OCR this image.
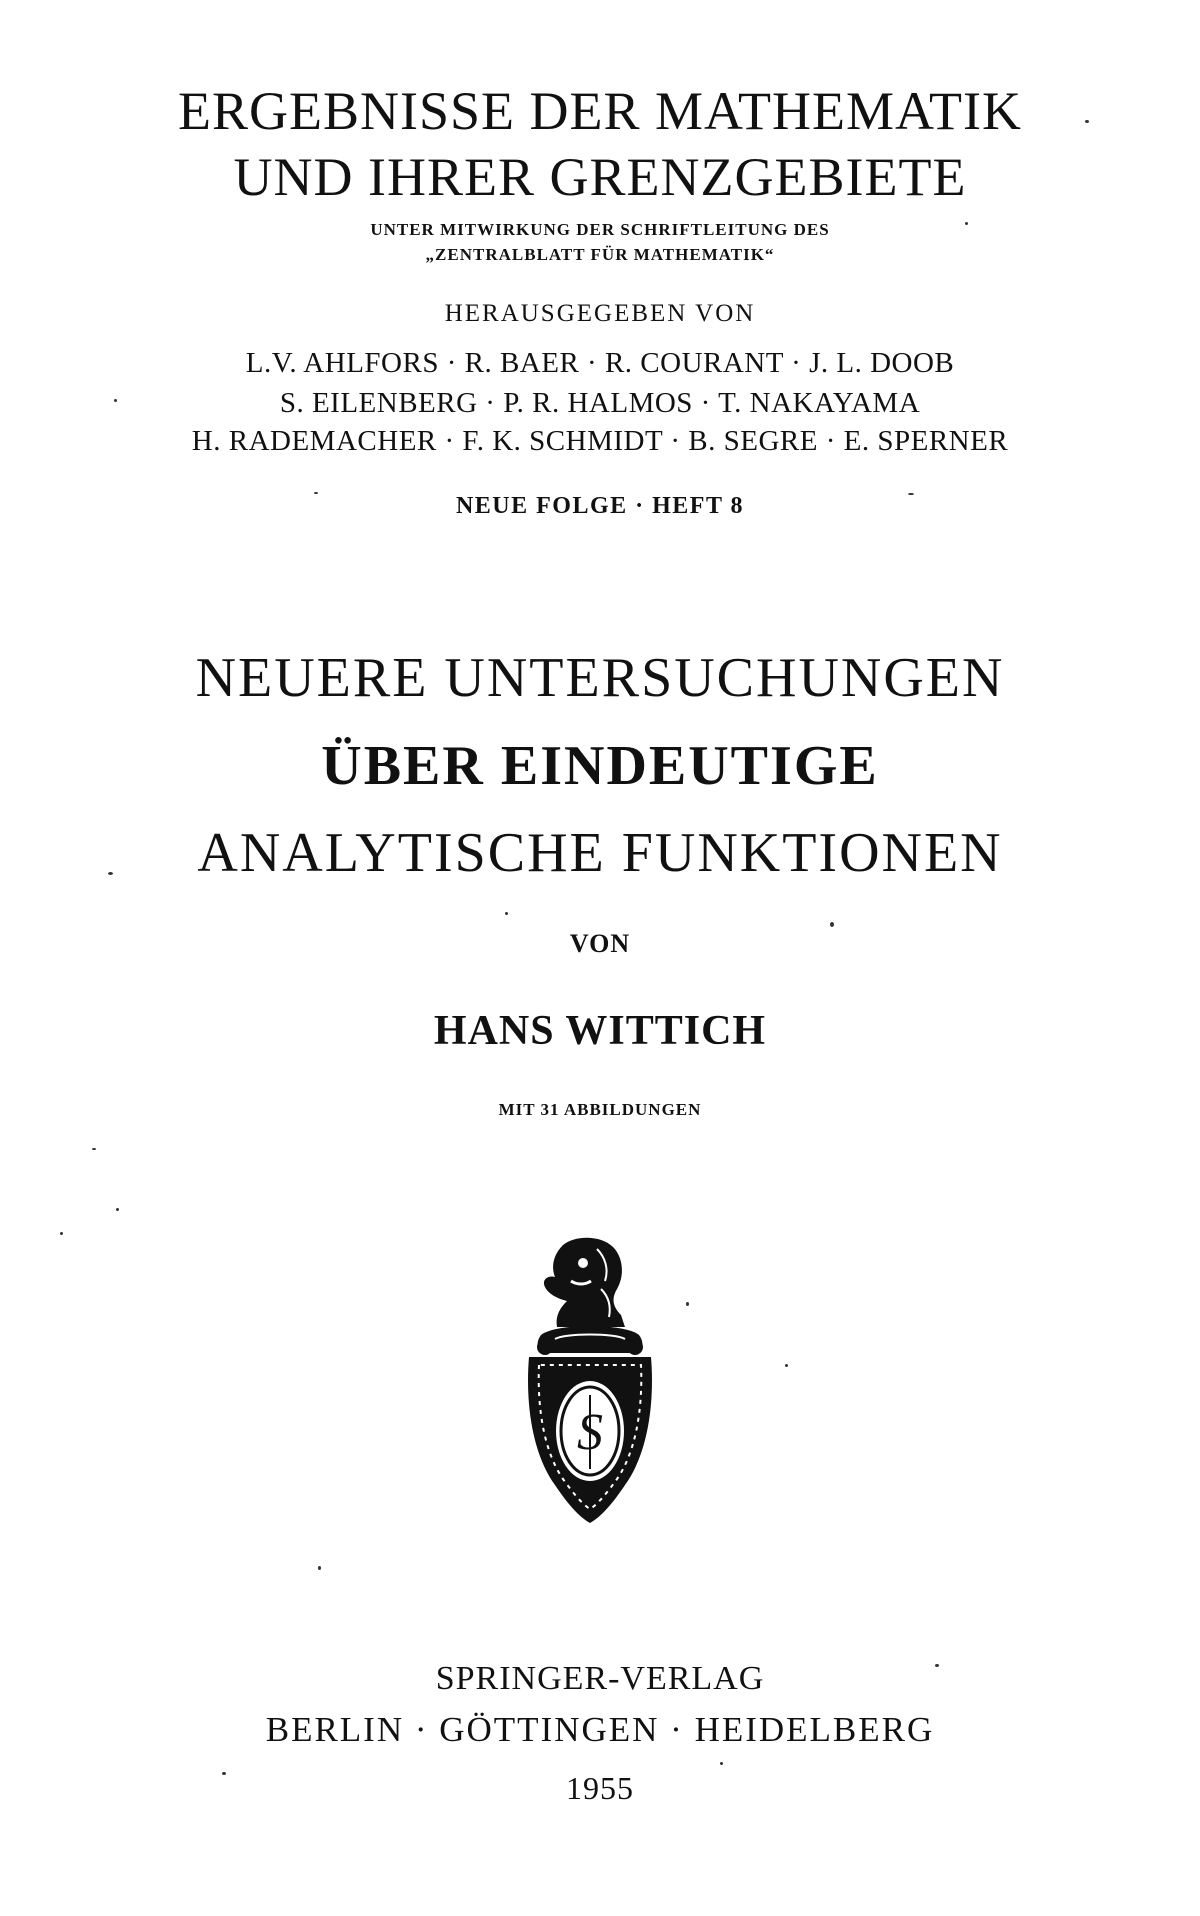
ERGEBNISSE DER MATHEMATIK
UND IHRER GRENZGEBIETE
UNTER MITWIRKUNG DER SCHRIFTLEITUNG DES
„ZENTRALBLATT FÜR MATHEMATIK“
HERAUSGEGEBEN VON
L.V. AHLFORS · R. BAER · R. COURANT · J. L. DOOB
S. EILENBERG · P. R. HALMOS · T. NAKAYAMA
H. RADEMACHER · F. K. SCHMIDT · B. SEGRE · E. SPERNER
NEUE FOLGE · HEFT 8
NEUERE UNTERSUCHUNGEN
ÜBER EINDEUTIGE
ANALYTISCHE FUNKTIONEN
VON
HANS WITTICH
MIT 31 ABBILDUNGEN
S
SPRINGER-VERLAG
BERLIN · GÖTTINGEN · HEIDELBERG
1955
